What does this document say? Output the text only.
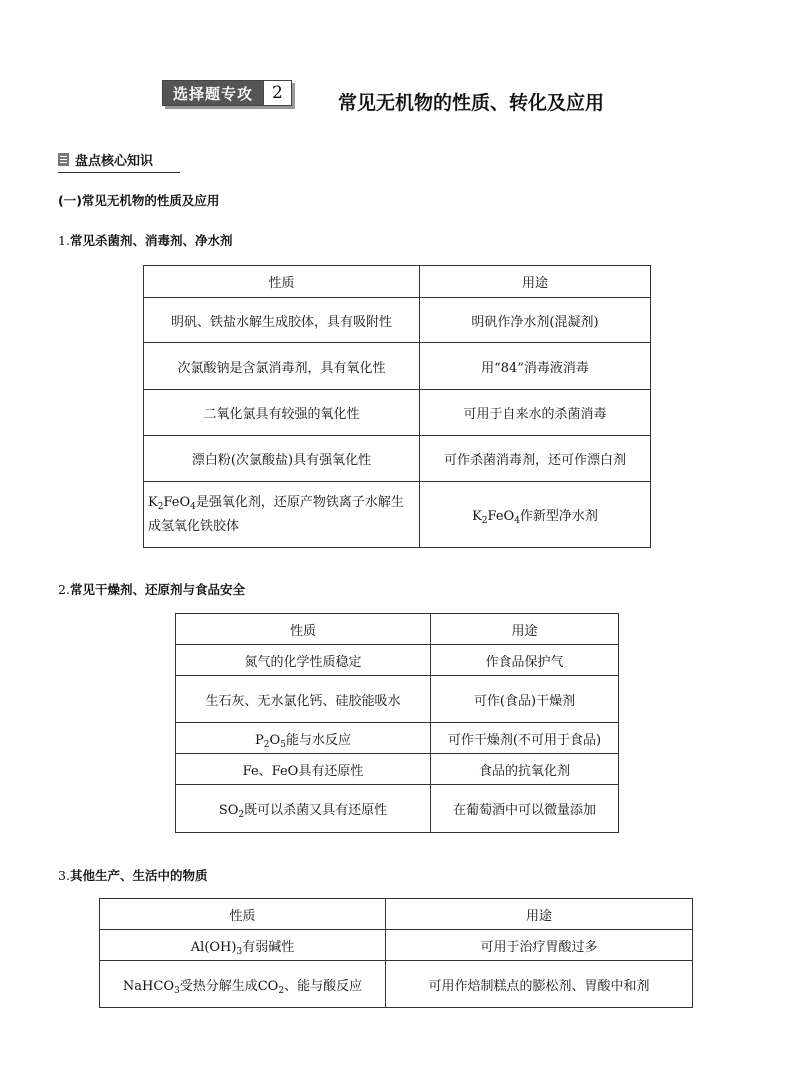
选择题专攻	2	常见无机物的性质、转化及应用
盘点核心知识
(一)常见无机物的性质及应用
1.常见杀菌剂、消毒剂、净水剂
性质	用途
明矾、铁盐水解生成胶体，具有吸附性	明矾作净水剂(混凝剂)
次氯酸钠是含氯消毒剂，具有氧化性	用“84”消毒液消毒
二氧化氯具有较强的氧化性	可用于自来水的杀菌消毒
漂白粉(次氯酸盐)具有强氧化性	可作杀菌消毒剂，还可作漂白剂
$K_2FeO_4$是强氧化剂，还原产物铁离子水解生成氢氧化铁胶体	$K_2FeO_4$作新型净水剂
2.常见干燥剂、还原剂与食品安全
性质	用途
氮气的化学性质稳定	作食品保护气
生石灰、无水氯化钙、硅胶能吸水	可作(食品)干燥剂
$P_2O_5$能与水反应	可作干燥剂(不可用于食品)
Fe、FeO具有还原性	食品的抗氧化剂
$SO_2$既可以杀菌又具有还原性	在葡萄酒中可以微量添加
3.其他生产、生活中的物质
性质	用途
$Al(OH)_3$有弱碱性	可用于治疗胃酸过多
NaHCO$_3$受热分解生成$CO_2$、能与酸反应	可用作焙制糕点的膨松剂、胃酸中和剂
